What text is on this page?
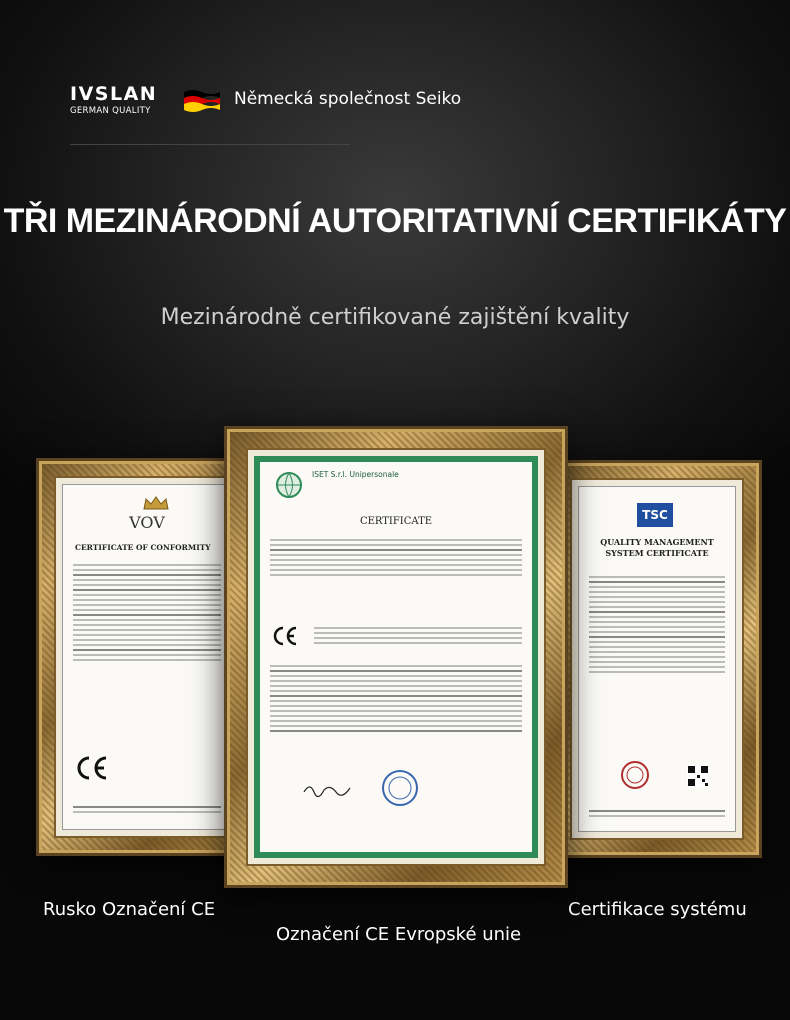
IVSLAN
GERMAN QUALITY
Německá společnost Seiko
TŘI MEZINÁRODNÍ AUTORITATIVNÍ CERTIFIKÁTY
Mezinárodně certifikované zajištění kvality
VOV
CERTIFICATE OF CONFORMITY
TSC
QUALITY MANAGEMENT SYSTEM CERTIFICATE
ISET S.r.l. Unipersonale
CERTIFICATE
Rusko Označení CE
Označení CE Evropské unie
Certifikace systému
